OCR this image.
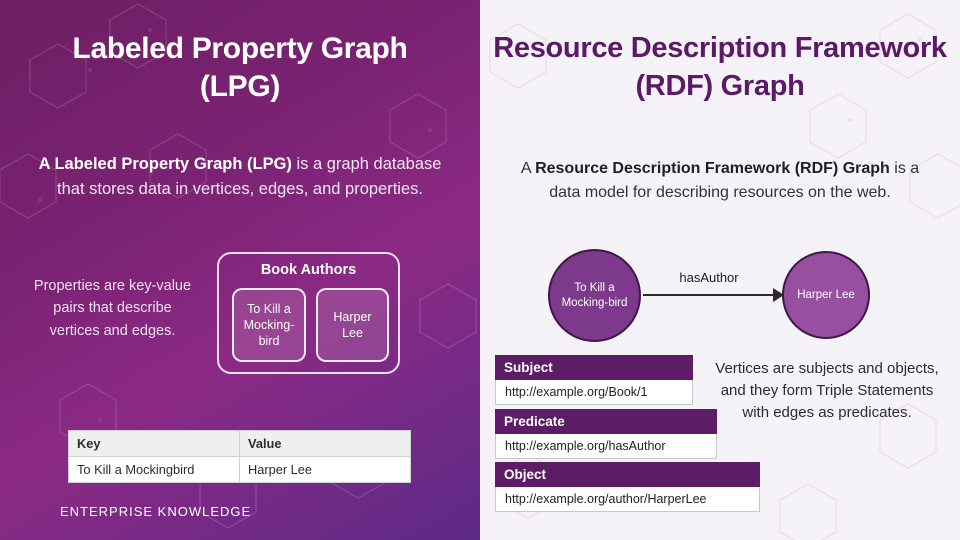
Labeled Property Graph (LPG)
A Labeled Property Graph (LPG) is a graph database that stores data in vertices, edges, and properties.
Properties are key-value pairs that describe vertices and edges.
Book Authors
To Kill a Mocking-bird
Harper Lee
Key	Value
To Kill a Mockingbird	Harper Lee
ENTERPRISE KNOWLEDGE
Resource Description Framework (RDF) Graph
A Resource Description Framework (RDF) Graph is a data model for describing resources on the web.
To Kill a Mocking-bird
hasAuthor
Harper Lee
Subject
http://example.org/Book/1
Predicate
http://example.org/hasAuthor
Object
http://example.org/author/HarperLee
Vertices are subjects and objects, and they form Triple Statements with edges as predicates.
